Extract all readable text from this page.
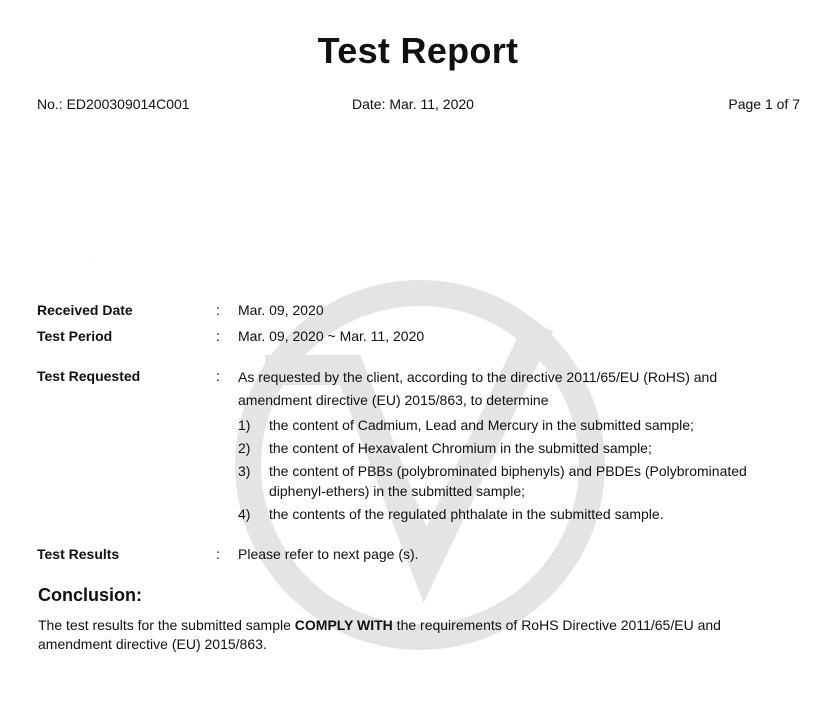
Test Report
No.: ED200309014C001	Date: Mar. 11, 2020	Page 1 of 7
Received Date	: Mar. 09, 2020
Test Period	: Mar. 09, 2020 ~ Mar. 11, 2020
Test Requested	: As requested by the client, according to the directive 2011/65/EU (RoHS) and
amendment directive (EU) 2015/863, to determine
1) the content of Cadmium, Lead and Mercury in the submitted sample;
2) the content of Hexavalent Chromium in the submitted sample;
3) the content of PBBs (polybrominated biphenyls) and PBDEs (Polybrominated diphenyl-ethers) in the submitted sample;
4) the contents of the regulated phthalate in the submitted sample.
Test Results	: Please refer to next page (s).
Conclusion:
The test results for the submitted sample COMPLY WITH the requirements of RoHS Directive 2011/65/EU and amendment directive (EU) 2015/863.
